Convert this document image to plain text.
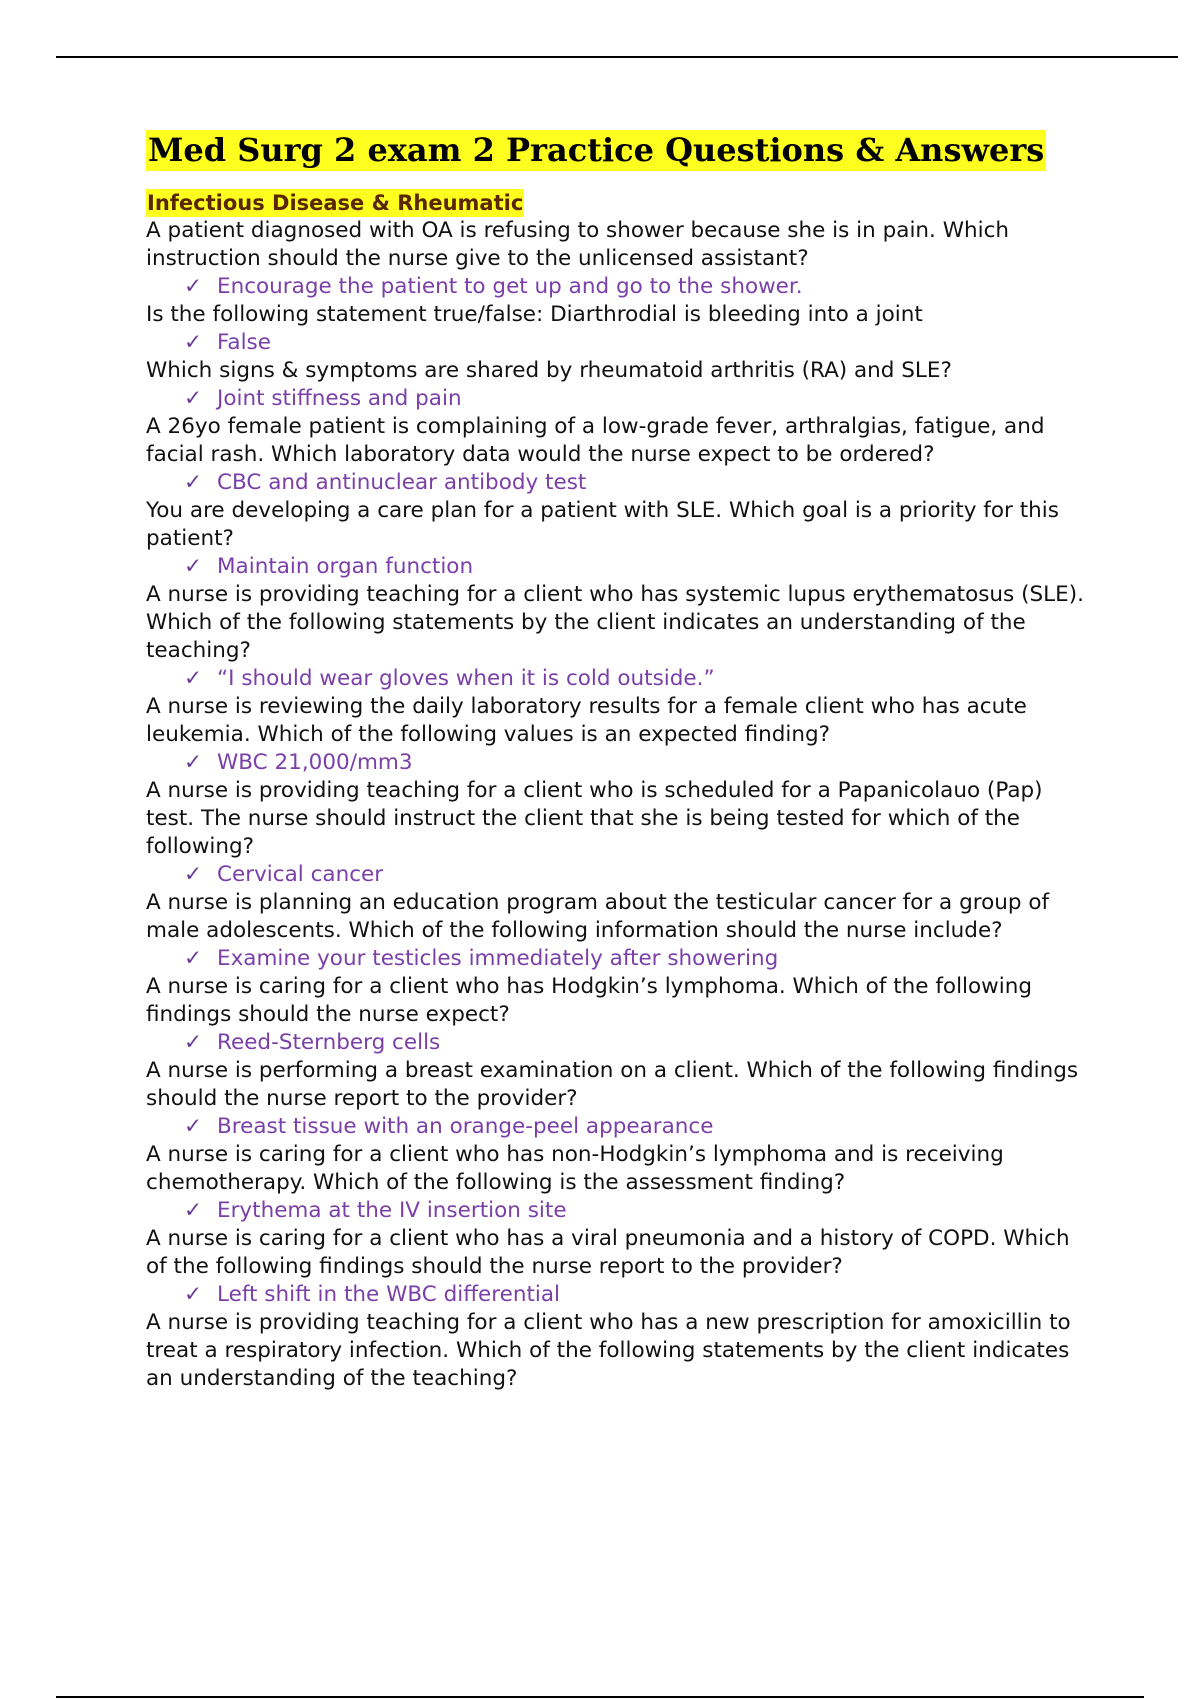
Med Surg 2 exam 2 Practice Questions & Answers
Infectious Disease & Rheumatic

A patient diagnosed with OA is refusing to shower because she is in pain. Which instruction should the nurse give to the unlicensed assistant?

✓ Encourage the patient to get up and go to the shower.

Is the following statement true/false: Diarthrodial is bleeding into a joint

✓ False

Which signs & symptoms are shared by rheumatoid arthritis (RA) and SLE?

✓ Joint stiffness and pain

A 26yo female patient is complaining of a low-grade fever, arthralgias, fatigue, and facial rash. Which laboratory data would the nurse expect to be ordered?

✓ CBC and antinuclear antibody test

You are developing a care plan for a patient with SLE. Which goal is a priority for this patient?

✓ Maintain organ function

A nurse is providing teaching for a client who has systemic lupus erythematosus (SLE). Which of the following statements by the client indicates an understanding of the teaching?

✓ “I should wear gloves when it is cold outside.”

A nurse is reviewing the daily laboratory results for a female client who has acute leukemia. Which of the following values is an expected finding?

✓ WBC 21,000/mm3

A nurse is providing teaching for a client who is scheduled for a Papanicolauo (Pap) test. The nurse should instruct the client that she is being tested for which of the following?

✓ Cervical cancer

A nurse is planning an education program about the testicular cancer for a group of male adolescents. Which of the following information should the nurse include?

✓ Examine your testicles immediately after showering

A nurse is caring for a client who has Hodgkin’s lymphoma. Which of the following findings should the nurse expect?

✓ Reed-Sternberg cells

A nurse is performing a breast examination on a client. Which of the following findings should the nurse report to the provider?

✓ Breast tissue with an orange-peel appearance

A nurse is caring for a client who has non-Hodgkin’s lymphoma and is receiving chemotherapy. Which of the following is the assessment finding?

✓ Erythema at the IV insertion site

A nurse is caring for a client who has a viral pneumonia and a history of COPD. Which of the following findings should the nurse report to the provider?

✓ Left shift in the WBC differential

A nurse is providing teaching for a client who has a new prescription for amoxicillin to treat a respiratory infection. Which of the following statements by the client indicates an understanding of the teaching?
